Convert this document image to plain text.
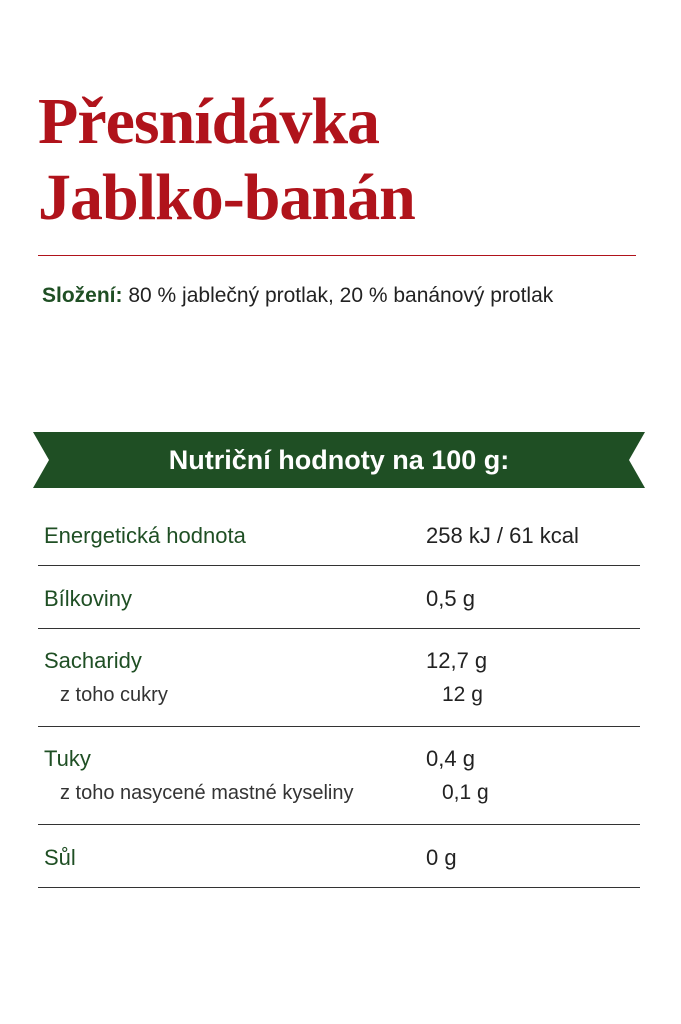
Přesnídávka
Jablko-banán
Složení: 80 % jablečný protlak, 20 % banánový protlak
Nutriční hodnoty na 100 g:
Energetická hodnota	258 kJ / 61 kcal
Bílkoviny	0,5 g
Sacharidy	12,7 g
z toho cukry	12 g
Tuky	0,4 g
z toho nasycené mastné kyseliny	0,1 g
Sůl	0 g
